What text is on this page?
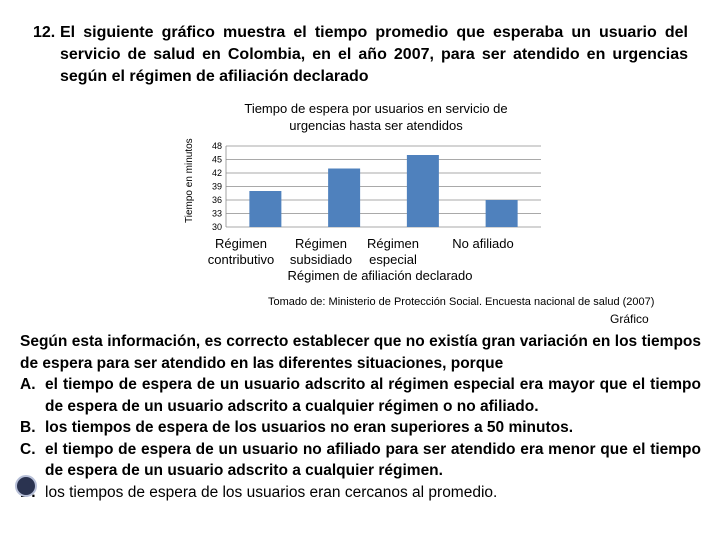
12. El siguiente gráfico muestra el tiempo promedio que esperaba un usuario del servicio de salud en Colombia, en el año 2007, para ser atendido en urgencias según el régimen de afiliación declarado
Tiempo de espera por usuarios en servicio de urgencias hasta ser atendidos
Tiempo en minutos 48
45
42
39
36
33
30
Régimen contributivo
Régimen subsidiado
Régimen especial
No afiliado
Régimen de afiliación declarado
Tomado de: Ministerio de Protección Social. Encuesta nacional de salud (2007)
Gráfico

Según esta información, es correcto establecer que no existía gran variación en los tiempos de espera para ser atendido en las diferentes situaciones, porque

A. el tiempo de espera de un usuario adscrito al régimen especial era mayor que el tiempo de espera de un usuario adscrito a cualquier régimen o no afiliado.
B. los tiempos de espera de los usuarios no eran superiores a 50 minutos.
C. el tiempo de espera de un usuario no afiliado para ser atendido era menor que el tiempo de espera de un usuario adscrito a cualquier régimen.
los tiempos de espera de los usuarios eran cercanos al promedio.
